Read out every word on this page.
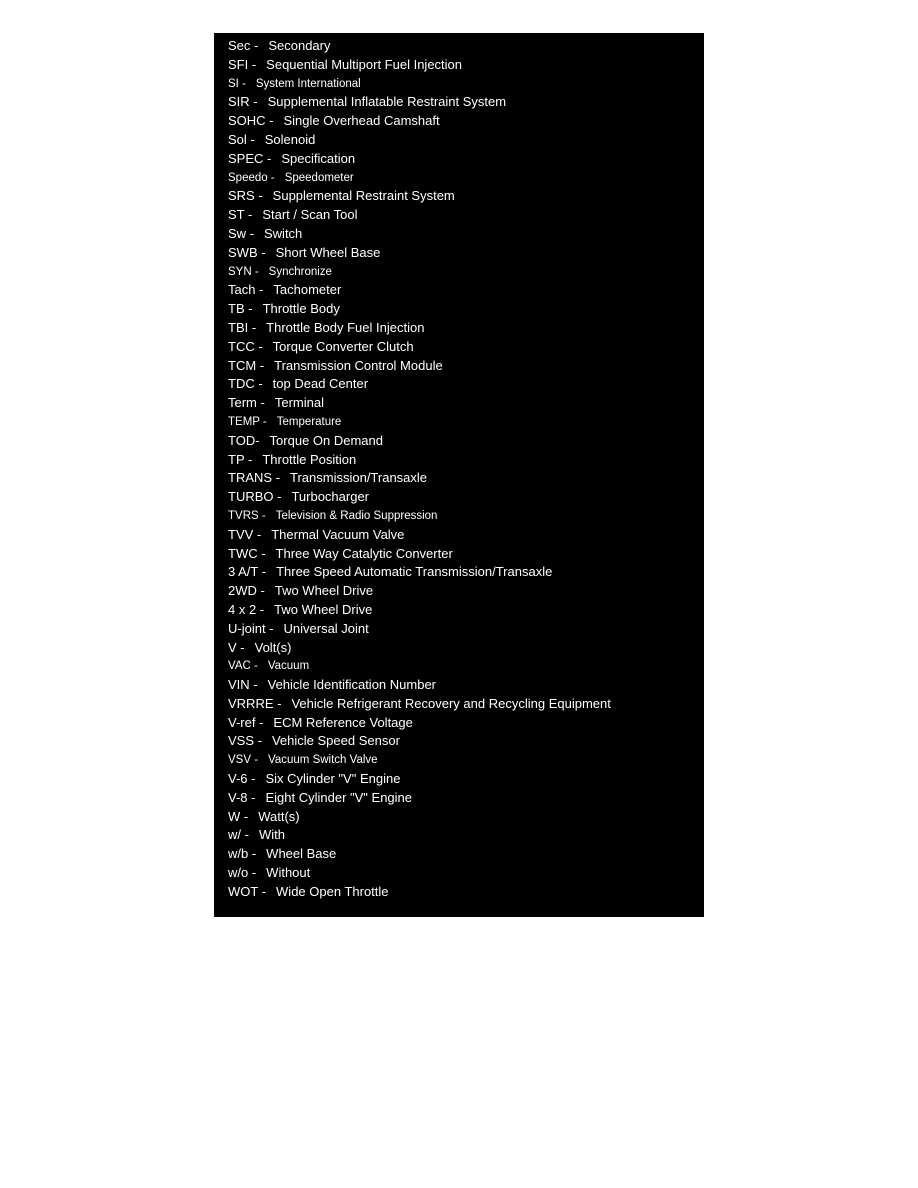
Sec - Secondary
SFI - Sequential Multiport Fuel Injection
SI - System International
SIR - Supplemental Inflatable Restraint System
SOHC - Single Overhead Camshaft
Sol - Solenoid
SPEC - Specification
Speedo - Speedometer
SRS - Supplemental Restraint System
ST - Start / Scan Tool
Sw - Switch
SWB - Short Wheel Base
SYN - Synchronize
Tach - Tachometer
TB - Throttle Body
TBI - Throttle Body Fuel Injection
TCC - Torque Converter Clutch
TCM - Transmission Control Module
TDC - top Dead Center
Term - Terminal
TEMP - Temperature
TOD- Torque On Demand
TP - Throttle Position
TRANS - Transmission/Transaxle
TURBO - Turbocharger
TVRS - Television & Radio Suppression
TVV - Thermal Vacuum Valve
TWC - Three Way Catalytic Converter
3 A/T - Three Speed Automatic Transmission/Transaxle
2WD - Two Wheel Drive
4 x 2 - Two Wheel Drive
U-joint - Universal Joint
V - Volt(s)
VAC - Vacuum
VIN - Vehicle Identification Number
VRRRE - Vehicle Refrigerant Recovery and Recycling Equipment
V-ref - ECM Reference Voltage
VSS - Vehicle Speed Sensor
VSV - Vacuum Switch Valve
V-6 - Six Cylinder "V" Engine
V-8 - Eight Cylinder "V" Engine
W - Watt(s)
w/ - With
w/b - Wheel Base
w/o - Without
WOT - Wide Open Throttle
